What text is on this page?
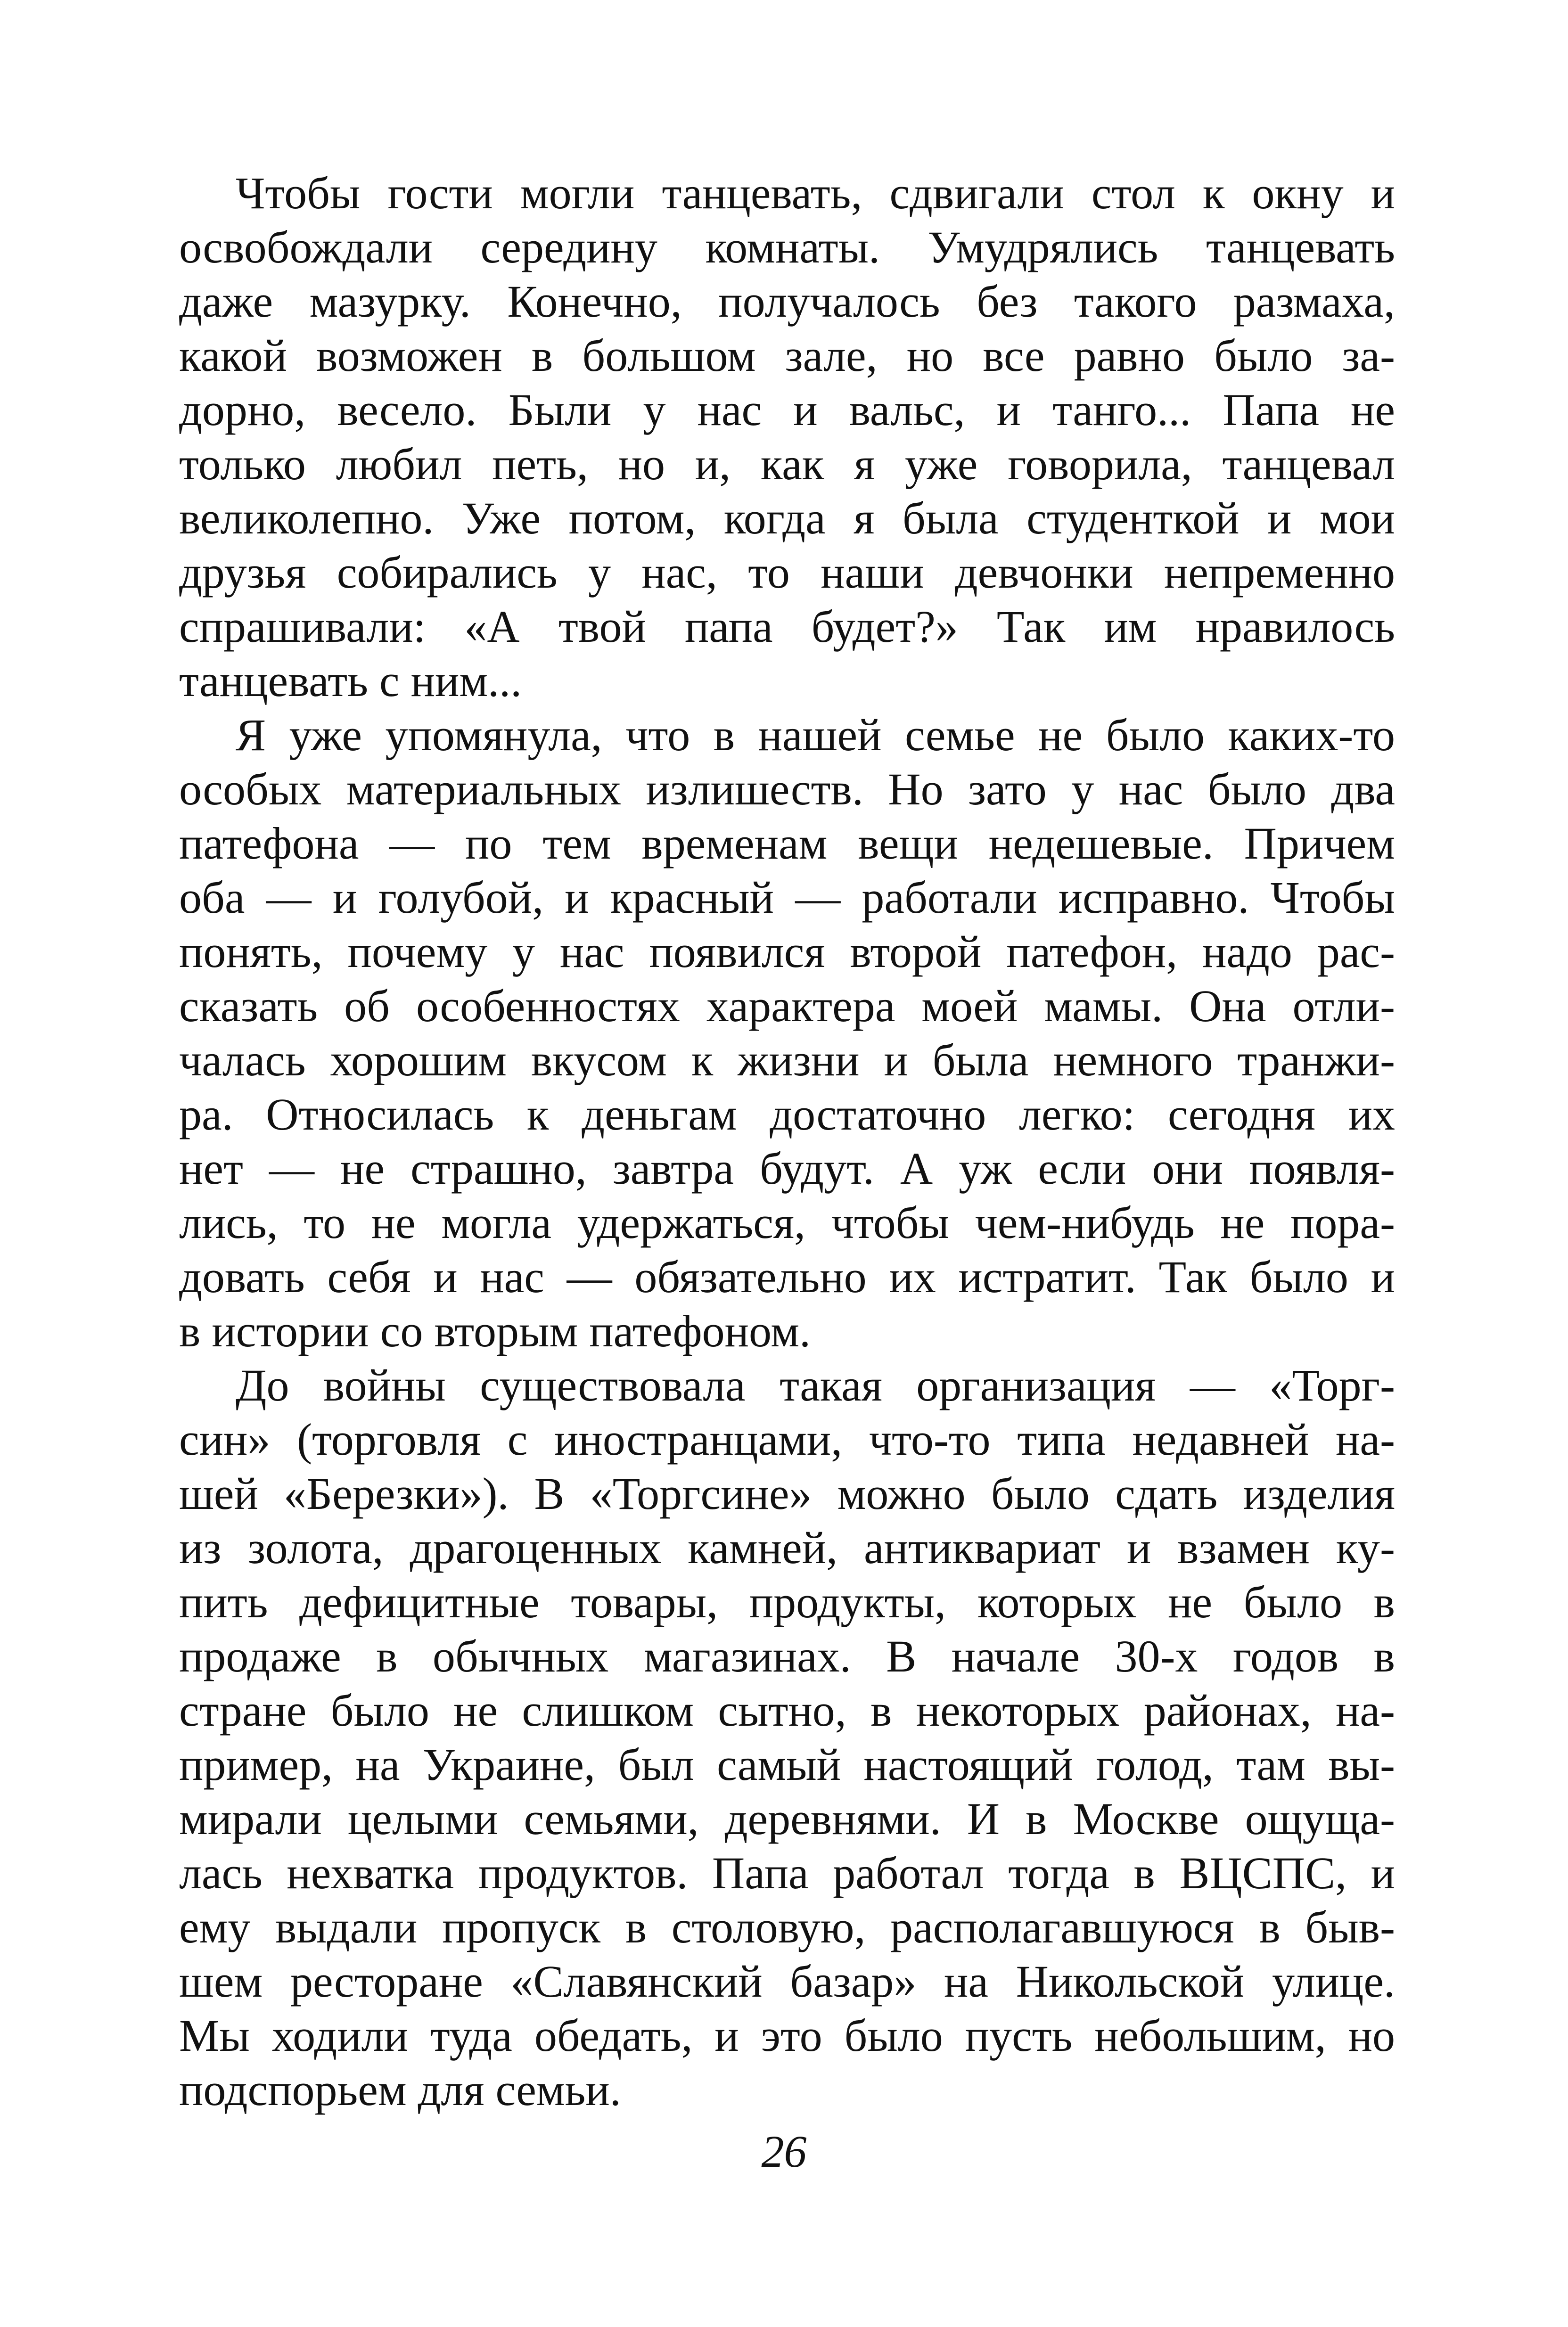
Чтобы гости могли танцевать, сдвигали стол к окну и
освобождали середину комнаты. Умудрялись танцевать
даже мазурку. Конечно, получалось без такого размаха,
какой возможен в большом зале, но все равно было за-
дорно, весело. Были у нас и вальс, и танго... Папа не
только любил петь, но и, как я уже говорила, танцевал
великолепно. Уже потом, когда я была студенткой и мои
друзья собирались у нас, то наши девчонки непременно
спрашивали: «А твой папа будет?» Так им нравилось
танцевать с ним...
Я уже упомянула, что в нашей семье не было каких-то
особых материальных излишеств. Но зато у нас было два
патефона — по тем временам вещи недешевые. Причем
оба — и голубой, и красный — работали исправно. Чтобы
понять, почему у нас появился второй патефон, надо рас-
сказать об особенностях характера моей мамы. Она отли-
чалась хорошим вкусом к жизни и была немного транжи-
ра. Относилась к деньгам достаточно легко: сегодня их
нет — не страшно, завтра будут. А уж если они появля-
лись, то не могла удержаться, чтобы чем-нибудь не пора-
довать себя и нас — обязательно их истратит. Так было и
в истории со вторым патефоном.
До войны существовала такая организация — «Торг-
син» (торговля с иностранцами, что-то типа недавней на-
шей «Березки»). В «Торгсине» можно было сдать изделия
из золота, драгоценных камней, антиквариат и взамен ку-
пить дефицитные товары, продукты, которых не было в
продаже в обычных магазинах. В начале 30-х годов в
стране было не слишком сытно, в некоторых районах, на-
пример, на Украине, был самый настоящий голод, там вы-
мирали целыми семьями, деревнями. И в Москве ощуща-
лась нехватка продуктов. Папа работал тогда в ВЦСПС, и
ему выдали пропуск в столовую, располагавшуюся в быв-
шем ресторане «Славянский базар» на Никольской улице.
Мы ходили туда обедать, и это было пусть небольшим, но
подспорьем для семьи.
26
